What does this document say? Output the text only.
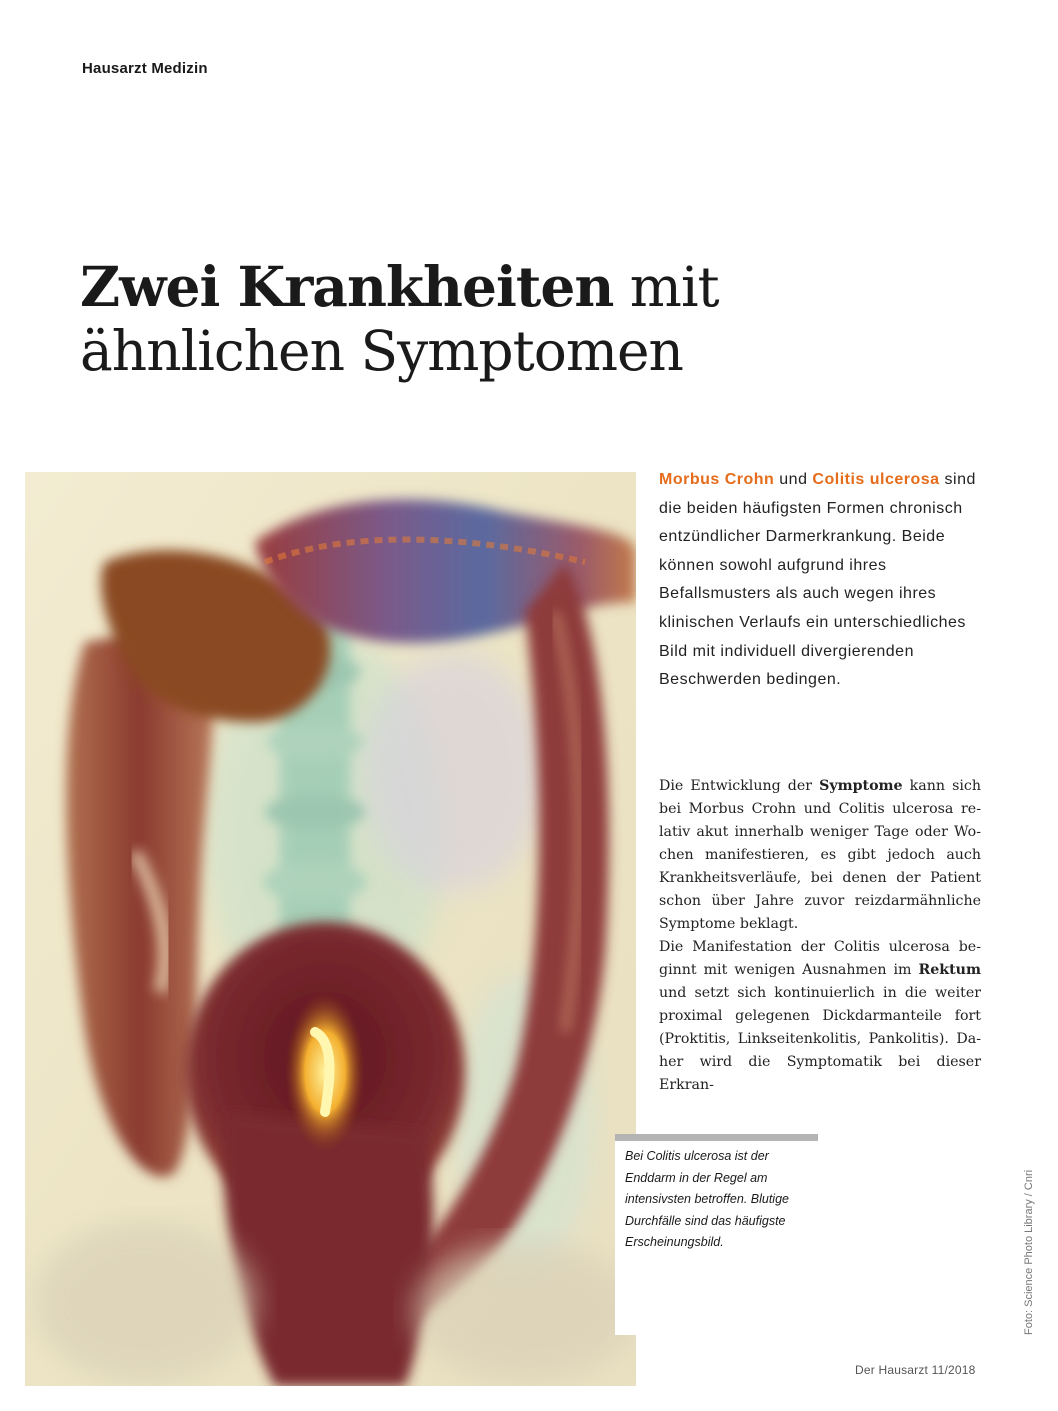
Hausarzt Medizin
Zwei Krankheiten mit
ähnlichen Symptomen
Morbus Crohn und Colitis ulcerosa sind die beiden häufigsten Formen chronisch entzündlicher Darmerkrankung. Beide können sowohl aufgrund ihres Befallsmusters als auch wegen ihres klinischen Verlaufs ein unterschiedliches Bild mit individuell divergierenden Beschwerden bedingen.

Die Entwicklung der Symptome kann sich bei Morbus Crohn und Colitis ulcerosa relativ akut innerhalb weniger Tage oder Wochen manifestieren, es gibt jedoch auch Krankheitsverläufe, bei denen der Patient schon über Jahre zuvor reizdarmähnliche Symptome beklagt.

Die Manifestation der Colitis ulcerosa beginnt mit wenigen Ausnahmen im Rektum und setzt sich kontinuierlich in die weiter proximal gelegenen Dickdarmanteile fort (Proktitis, Linkseitenkolitis, Pankolitis). Daher wird die Symptomatik bei dieser Erkran-

Bei Colitis ulcerosa ist der Enddarm in der Regel am intensivsten betroffen. Blutige Durchfälle sind das häufigste Erscheinungsbild.	Foto: Science Photo Library / Cnri
Der Hausarzt 11/2018
